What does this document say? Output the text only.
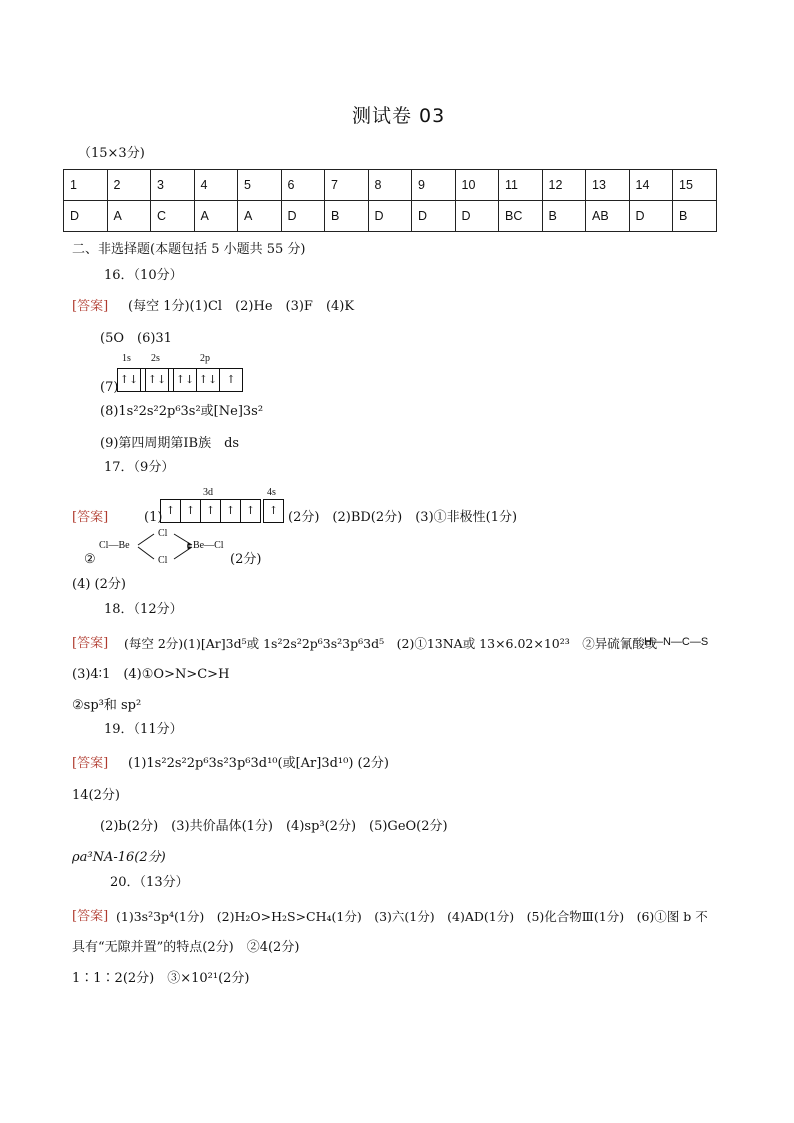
测试卷 03
（15×3分)
1	2	3	4	5	6	7	8	9	10	11	12	13	14	15
D	A	C	A	A	D	B	D	D	D	BC	B	AB	D	B
二、非选择题(本题包括 5 小题共 55 分)
16．（10分）
[答案] (每空 1分)(1)Cl　(2)He　(3)F　(4)K
(5O　(6)31
1s 2s	2p
(7)
↑↓ ↑↓ ↑↓ ↑↓ ↑
(8)1s²2s²2p⁶3s²或[Ne]3s²
(9)第四周期第ⅠB族　ds
17．（9分）
3d	4s
[答案]	(1) ↑ ↑ ↑ ↑ ↑	↑ (2分)　(2)BD(2分)　(3)①非极性(1分)
②
Cl—Be
Cl
Cl
Be—Cl
(2分)
(4) (2分)
18．（12分）
[答案] (每空 2分)(1)[Ar]3d⁵或 1s²2s²2p⁶3s²3p⁶3d⁵　(2)①13NA或 13×6.02×10²³　②异硫氰酸或
H—N—C—S
(3)4∶1　(4)①O>N>C>H
②sp³和 sp²
19．（11分）
[答案] (1)1s²2s²2p⁶3s²3p⁶3d¹⁰(或[Ar]3d¹⁰) (2分)
14(2分)
(2)b(2分)　(3)共价晶体(1分)　(4)sp³(2分)　(5)GeO(2分)
ρa³NA-16(2分)
20．（13分）
[答案] (1)3s²3p⁴(1分)　(2)H₂O>H₂S>CH₄(1分)　(3)六(1分)　(4)AD(1分)　(5)化合物Ⅲ(1分)　(6)①图 b 不
具有“无隙并置”的特点(2分)　②4(2分)
1∶1∶2(2分)　③×10²¹(2分)
